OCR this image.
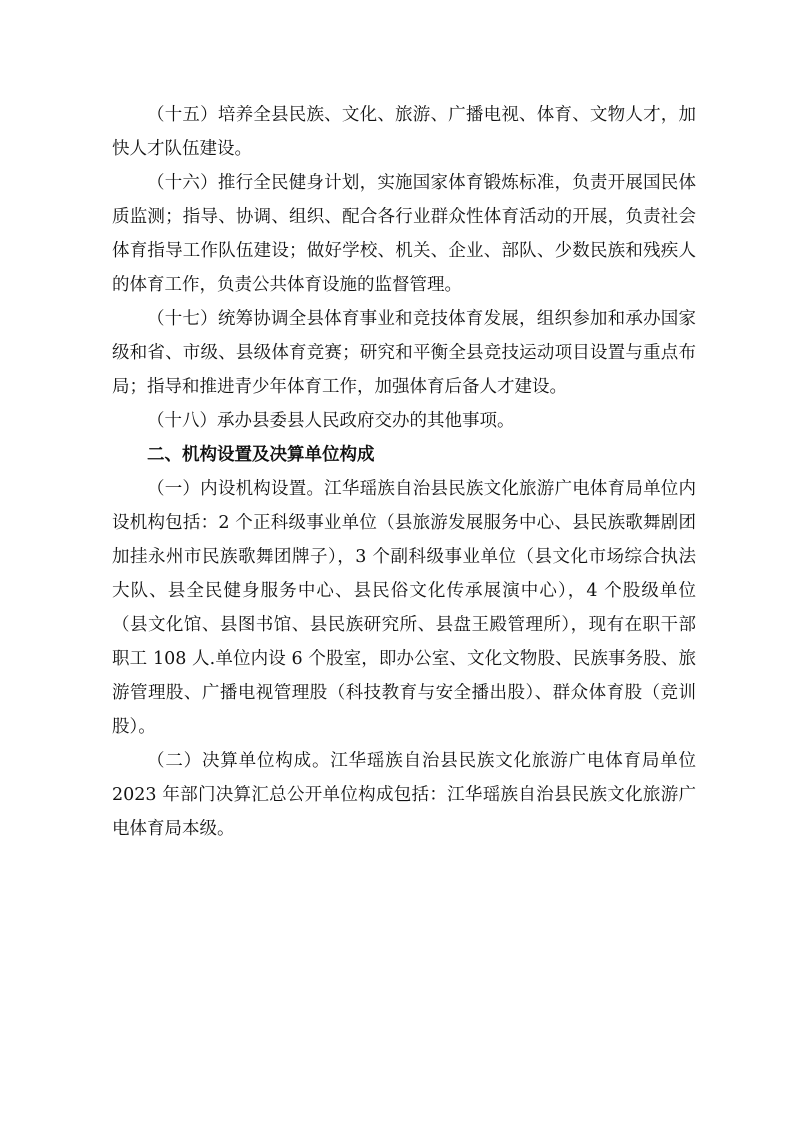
（十五）培养全县民族、文化、旅游、广播电视、体育、文物人才，加快人才队伍建设。

（十六）推行全民健身计划，实施国家体育锻炼标准，负责开展国民体质监测；指导、协调、组织、配合各行业群众性体育活动的开展，负责社会体育指导工作队伍建设；做好学校、机关、企业、部队、少数民族和残疾人的体育工作，负责公共体育设施的监督管理。

（十七）统筹协调全县体育事业和竞技体育发展，组织参加和承办国家级和省、市级、县级体育竞赛；研究和平衡全县竞技运动项目设置与重点布局；指导和推进青少年体育工作，加强体育后备人才建设。

（十八）承办县委县人民政府交办的其他事项。

二、机构设置及决算单位构成

（一）内设机构设置。江华瑶族自治县民族文化旅游广电体育局单位内设机构包括：2 个正科级事业单位（县旅游发展服务中心、县民族歌舞剧团加挂永州市民族歌舞团牌子），3 个副科级事业单位（县文化市场综合执法大队、县全民健身服务中心、县民俗文化传承展演中心），4 个股级单位（县文化馆、县图书馆、县民族研究所、县盘王殿管理所），现有在职干部职工 108 人.单位内设 6 个股室，即办公室、文化文物股、民族事务股、旅游管理股、广播电视管理股（科技教育与安全播出股）、群众体育股（竞训股）。

（二）决算单位构成。江华瑶族自治县民族文化旅游广电体育局单位 2023 年部门决算汇总公开单位构成包括：江华瑶族自治县民族文化旅游广电体育局本级。
